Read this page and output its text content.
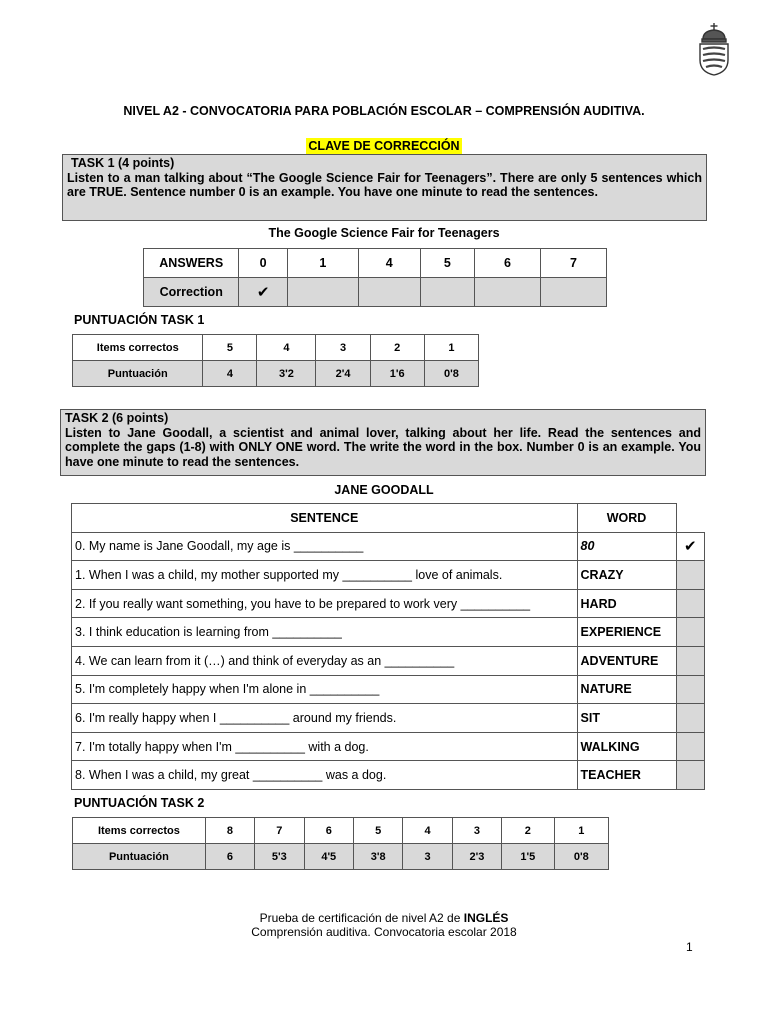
NIVEL A2 - CONVOCATORIA PARA POBLACIÓN ESCOLAR – COMPRENSIÓN AUDITIVA.
CLAVE DE CORRECCIÓN
TASK 1 (4 points)
Listen to a man talking about “The Google Science Fair for Teenagers”. There are only 5 sentences which are TRUE. Sentence number 0 is an example. You have one minute to read the sentences.
The Google Science Fair for Teenagers
ANSWERS	0	1	4	5	6	7
Correction	✔					
PUNTUACIÓN TASK 1
Items correctos	5	4	3	2	1
Puntuación	4	3'2	2'4	1'6	0'8
TASK 2 (6 points)
Listen to Jane Goodall, a scientist and animal lover, talking about her life. Read the sentences and complete the gaps (1-8) with ONLY ONE word. The write the word in the box. Number 0 is an example. You have one minute to read the sentences.
JANE GOODALL
SENTENCE	WORD	
0. My name is Jane Goodall, my age is __________	80	✔
1. When I was a child, my mother supported my __________ love of animals.	CRAZY	
2. If you really want something, you have to be prepared to work very __________	HARD	
3. I think education is learning from __________	EXPERIENCE	
4. We can learn from it (…) and think of everyday as an __________	ADVENTURE	
5. I'm completely happy when I'm alone in __________	NATURE	
6. I'm really happy when I __________ around my friends.	SIT	
7. I'm totally happy when I'm __________ with a dog.	WALKING	
8. When I was a child, my great __________ was a dog.	TEACHER	
PUNTUACIÓN TASK 2
Items correctos	8	7	6	5	4	3	2	1
Puntuación	6	5'3	4'5	3'8	3	2'3	1'5	0'8
Prueba de certificación de nivel A2 de INGLÉS
Comprensión auditiva. Convocatoria escolar 2018
1
